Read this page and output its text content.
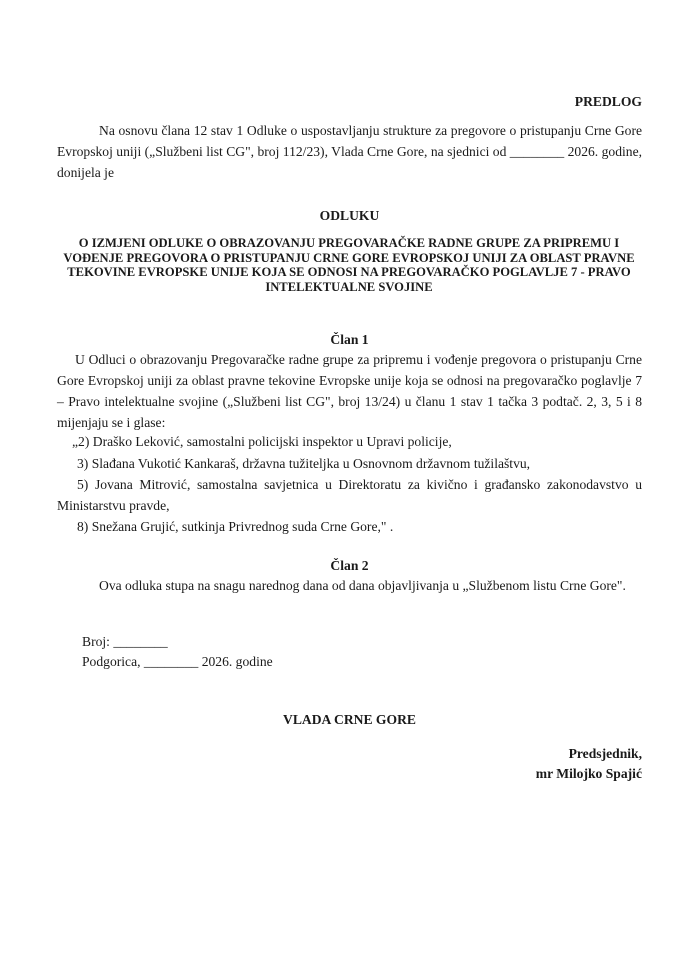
PREDLOG

Na osnovu člana 12 stav 1 Odluke o uspostavljanju strukture za pregovore o pristupanju Crne Gore Evropskoj uniji („Službeni list CG", broj 112/23), Vlada Crne Gore, na sjednici od ________ 2026. godine, donijela je

ODLUKU
O IZMJENI ODLUKE O OBRAZOVANJU PREGOVARAČKE RADNE GRUPE ZA PRIPREMU I VOĐENJE PREGOVORA O PRISTUPANJU CRNE GORE EVROPSKOJ UNIJI ZA OBLAST PRAVNE TEKOVINE EVROPSKE UNIJE KOJA SE ODNOSI NA PREGOVARAČKO POGLAVLJE 7 - PRAVO INTELEKTUALNE SVOJINE
Član 1

U Odluci o obrazovanju Pregovaračke radne grupe za pripremu i vođenje pregovora o pristupanju Crne Gore Evropskoj uniji za oblast pravne tekovine Evropske unije koja se odnosi na pregovaračko poglavlje 7 – Pravo intelektualne svojine („Službeni list CG", broj 13/24) u članu 1 stav 1 tačka 3 podtač. 2, 3, 5 i 8 mijenjaju se i glase:

„2) Draško Leković, samostalni policijski inspektor u Upravi policije,

3) Slađana Vukotić Kankaraš, državna tužiteljka u Osnovnom državnom tužilaštvu,

5) Jovana Mitrović, samostalna savjetnica u Direktoratu za kivično i građansko zakonodavstvo u Ministarstvu pravde,

8) Snežana Grujić, sutkinja Privrednog suda Crne Gore," .

Član 2

Ova odluka stupa na snagu narednog dana od dana objavljivanja u „Službenom listu Crne Gore".

Broj: ________
Podgorica, ________ 2026. godine
VLADA CRNE GORE
Predsjednik,
mr Milojko Spajić
